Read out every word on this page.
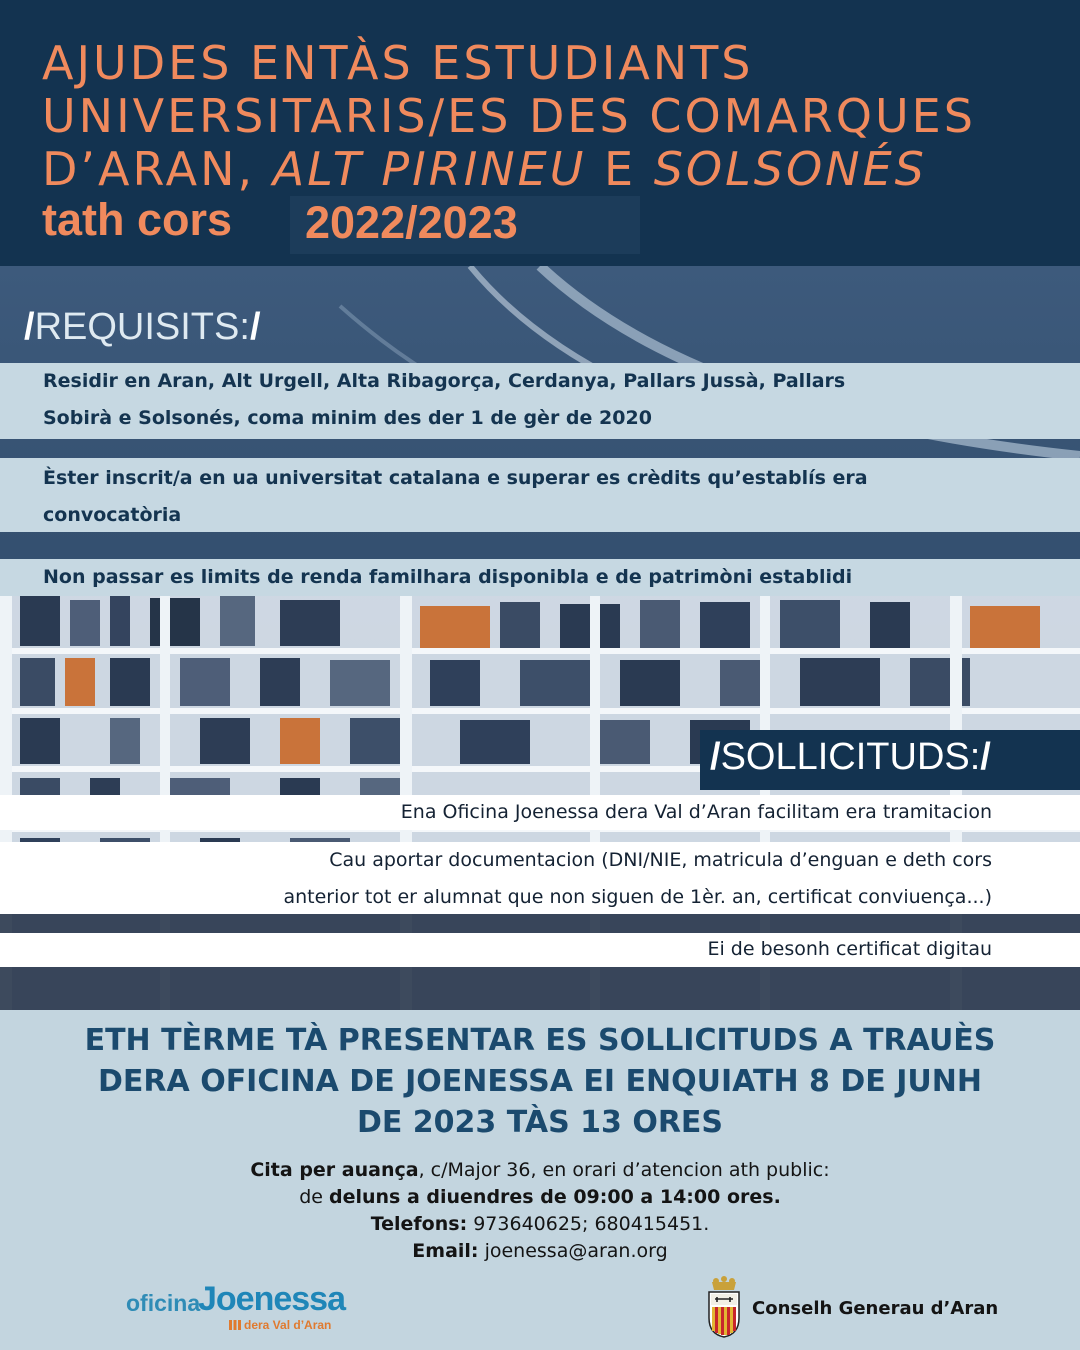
AJUDES ENTÀS ESTUDIANTS
UNIVERSITARIS/ES DES COMARQUES
D’ARAN, ALT PIRINEU E SOLSONÉS
tath cors 2022/2023
/REQUISITS:/
Residir en Aran, Alt Urgell, Alta Ribagorça, Cerdanya, Pallars Jussà, Pallars
Sobirà e Solsonés, coma minim des der 1 de gèr de 2020
Èster inscrit/a en ua universitat catalana e superar es crèdits qu’establís era
convocatòria
Non passar es limits de renda familhara disponibla e de patrimòni establidi
/SOLLICITUDS:/
Ena Oficina Joenessa dera Val d’Aran facilitam era tramitacion
Cau aportar documentacion (DNI/NIE, matricula d’enguan e deth cors
anterior tot er alumnat que non siguen de 1èr. an, certificat conviuença...)
Ei de besonh certificat digitau
ETH TÈRME TÀ PRESENTAR ES SOLLICITUDS A TRAUÈS
DERA OFICINA DE JOENESSA EI ENQUIATH 8 DE JUNH
DE 2023 TÀS 13 ORES
Cita per auança, c/Major 36, en orari d’atencion ath public:
de deluns a diuendres de 09:00 a 14:00 ores.
Telefons: 973640625; 680415451.
Email: joenessa@aran.org
oficina
Joenessa
dera Val d’Aran
Conselh Generau d’Aran
